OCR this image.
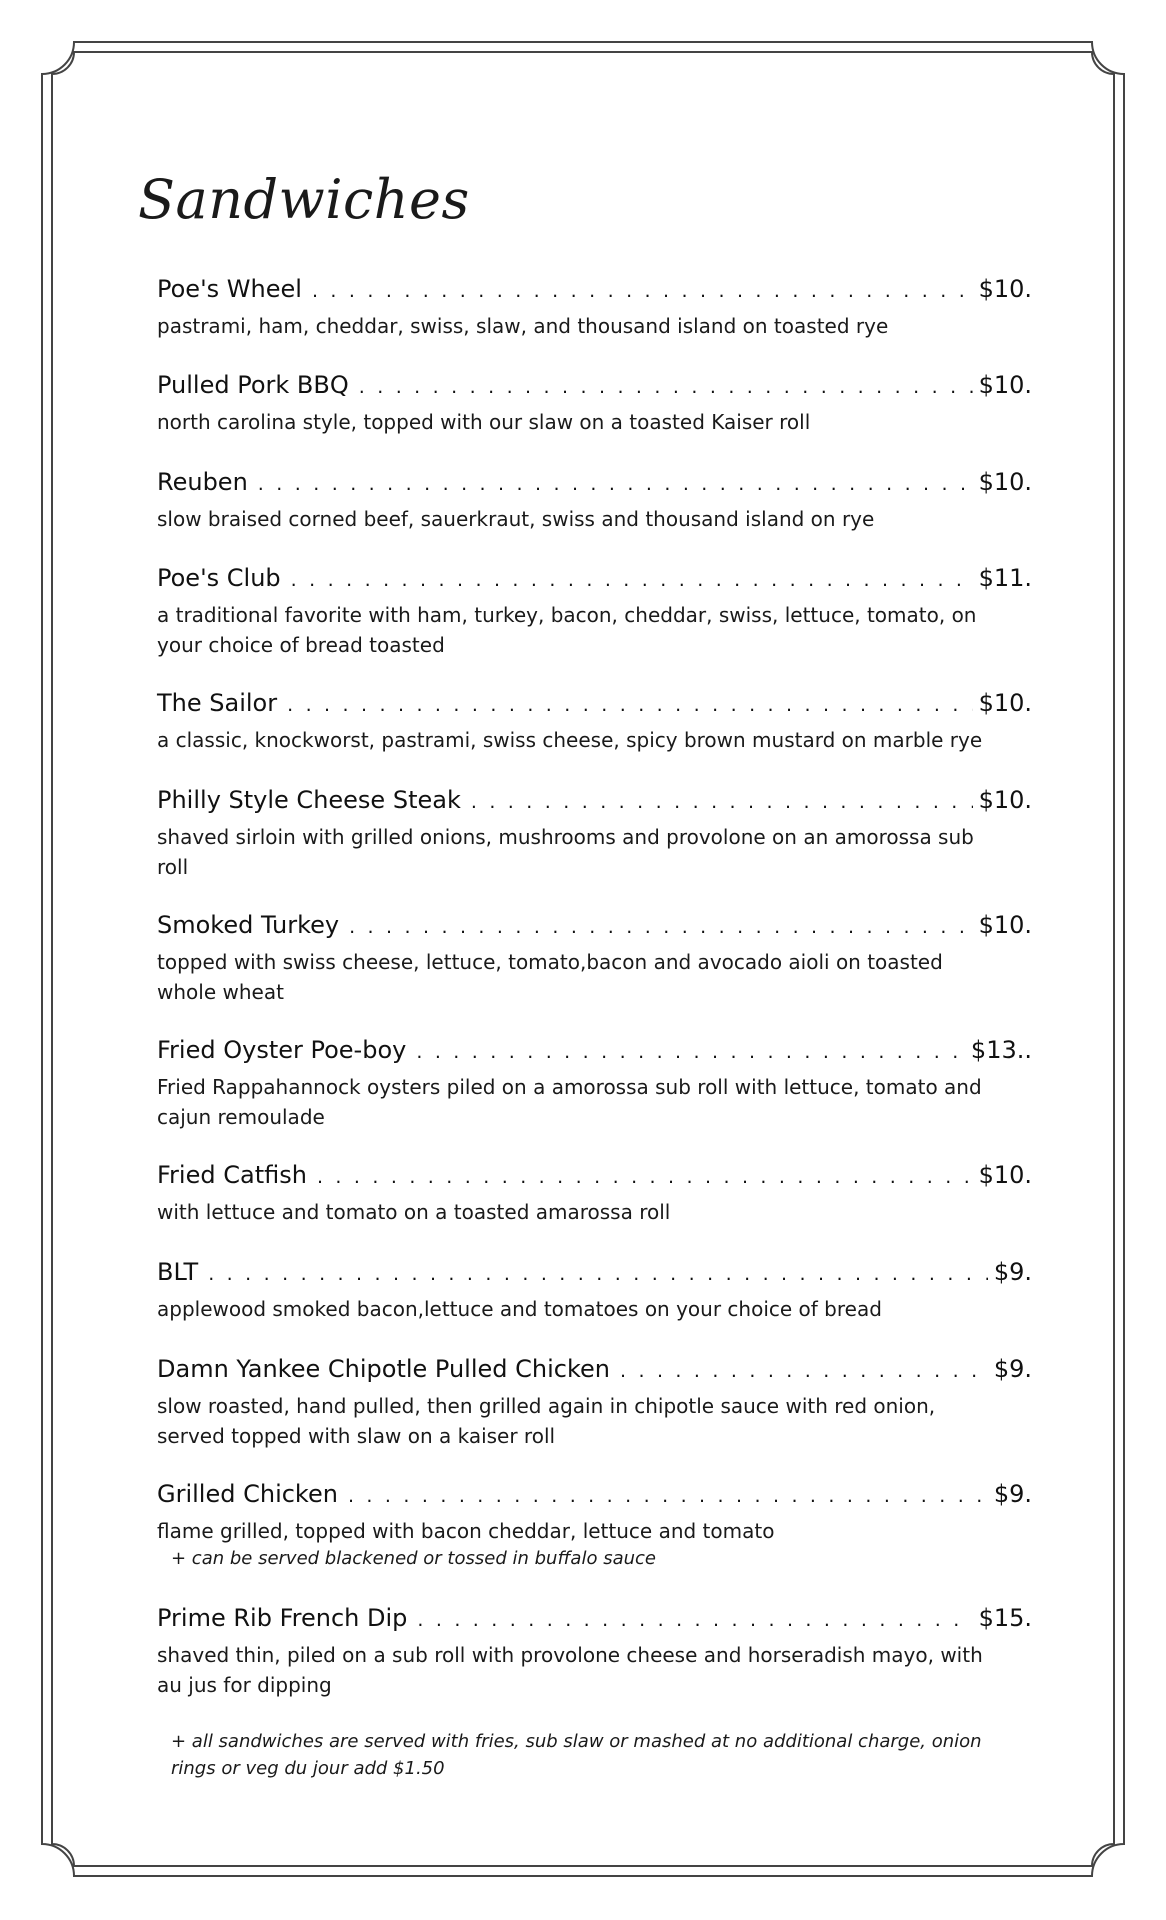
Sandwiches
Poe's Wheel . . .	$10.

pastrami, ham, cheddar, swiss, slaw, and thousand island on toasted rye

Pulled Pork BBQ . . .	$10.

north carolina style, topped with our slaw on a toasted Kaiser roll

Reuben . . .	$10.

slow braised corned beef, sauerkraut, swiss and thousand island on rye

Poe's Club . . .	$11.

a traditional favorite with ham, turkey, bacon, cheddar, swiss, lettuce, tomato, on your choice of bread toasted

The Sailor . . .	$10.

a classic, knockworst, pastrami, swiss cheese, spicy brown mustard on marble rye

Philly Style Cheese Steak . . .	$10.

shaved sirloin with grilled onions, mushrooms and provolone on an amorossa sub roll

Smoked Turkey . . .	$10.

topped with swiss cheese, lettuce, tomato,bacon and avocado aioli on toasted whole wheat

Fried Oyster Poe-boy . . .	$13..

Fried Rappahannock oysters piled on a amorossa sub roll with lettuce, tomato and cajun remoulade

Fried Catfish . . .	$10.

with lettuce and tomato on a toasted amarossa roll

BLT . . .	$9.

applewood smoked bacon,lettuce and tomatoes on your choice of bread

Damn Yankee Chipotle Pulled Chicken . . .	$9.

slow roasted, hand pulled, then grilled again in chipotle sauce with red onion, served topped with slaw on a kaiser roll

Grilled Chicken . . .	$9.

flame grilled, topped with bacon cheddar, lettuce and tomato

+ can be served blackened or tossed in buffalo sauce

Prime Rib French Dip . . .	$15.

shaved thin, piled on a sub roll with provolone cheese and horseradish mayo, with au jus for dipping

+ all sandwiches are served with fries, sub slaw or mashed at no additional charge, onion rings or veg du jour add $1.50
